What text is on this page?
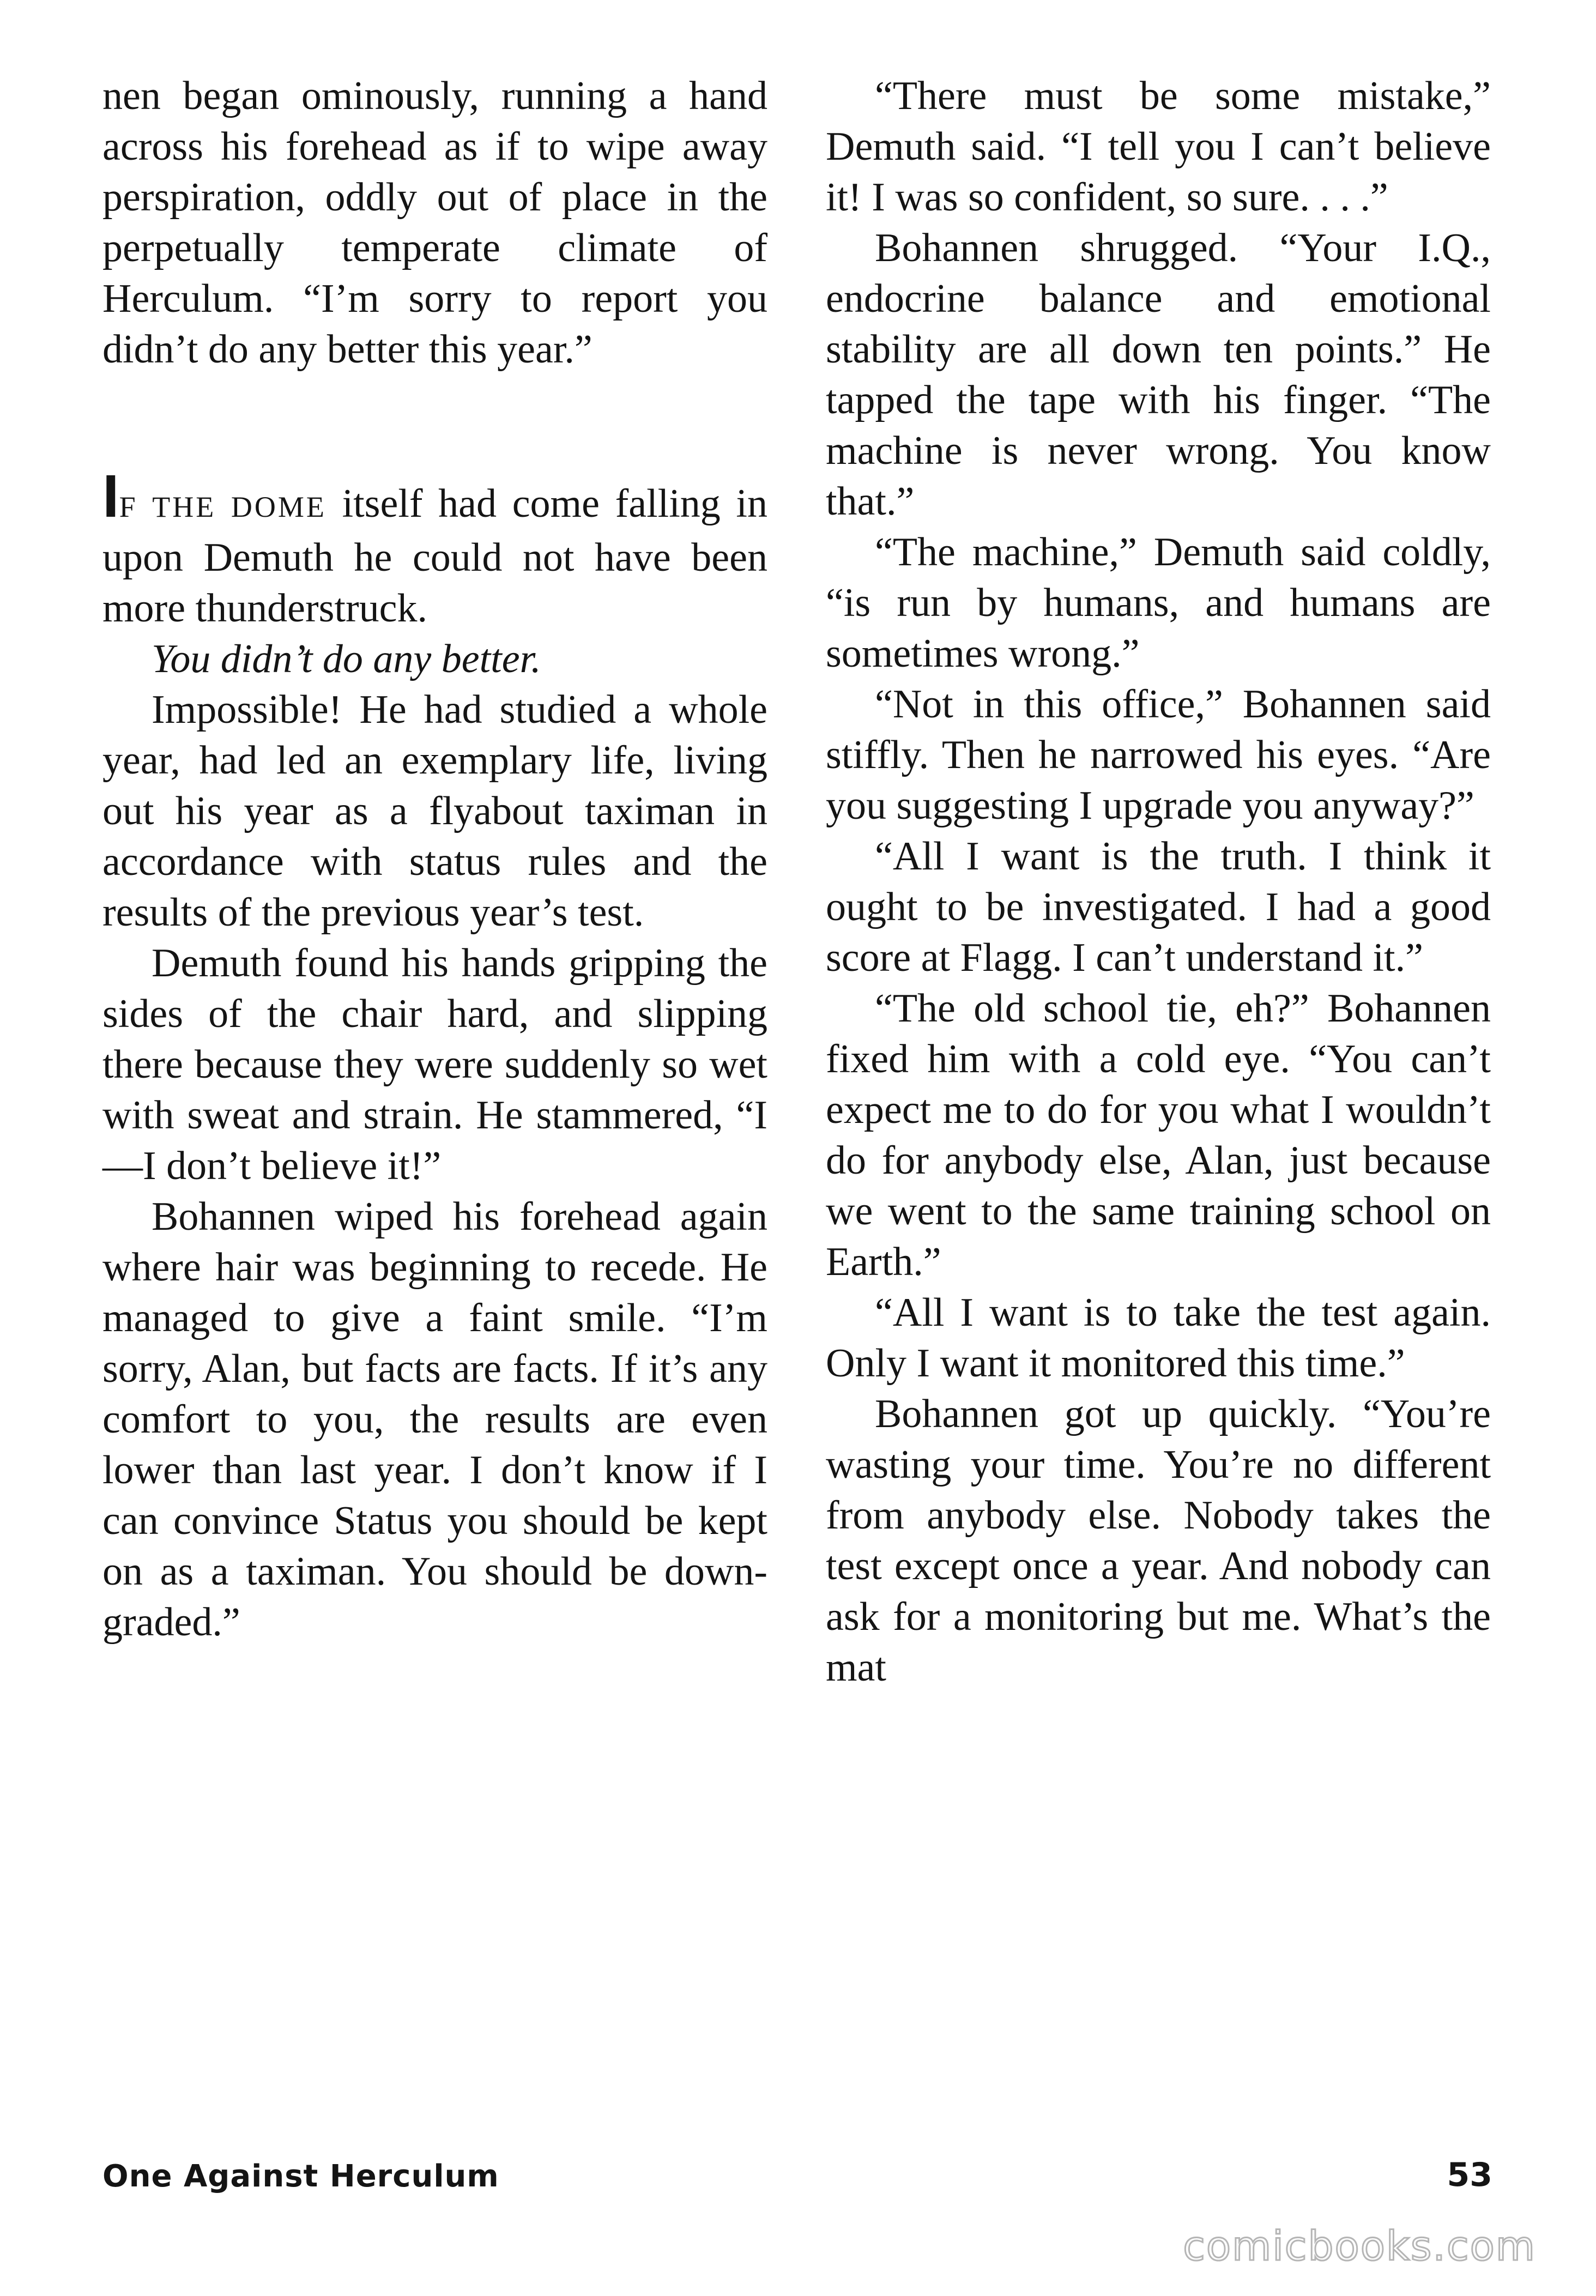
nen began ominously, running a hand across his forehead as if to wipe away perspiration, oddly out of place in the perpetually temperate climate of Herculum. “I’m sorry to report you didn’t do any better this year.”

IF THE DOME itself had come falling in upon Demuth he could not have been more thunderstruck.

You didn’t do any better.

Impossible! He had studied a whole year, had led an exemplary life, living out his year as a flyabout taximan in accordance with status rules and the results of the previous year’s test.

Demuth found his hands gripping the sides of the chair hard, and slipping there because they were suddenly so wet with sweat and strain. He stammered, “I—I don’t believe it!”

Bohannen wiped his forehead again where hair was beginning to recede. He managed to give a faint smile. “I’m sorry, Alan, but facts are facts. If it’s any comfort to you, the results are even lower than last year. I don’t know if I can convince Status you should be kept on as a taximan. You should be downgraded.”

“There must be some mistake,” Demuth said. “I tell you I can’t believe it! I was so confident, so sure. . . .”

Bohannen shrugged. “Your I.Q., endocrine balance and emotional stability are all down ten points.” He tapped the tape with his finger. “The machine is never wrong. You know that.”

“The machine,” Demuth said coldly, “is run by humans, and humans are sometimes wrong.”

“Not in this office,” Bohannen said stiffly. Then he narrowed his eyes. “Are you suggesting I upgrade you anyway?”

“All I want is the truth. I think it ought to be investigated. I had a good score at Flagg. I can’t understand it.”

“The old school tie, eh?” Bohannen fixed him with a cold eye. “You can’t expect me to do for you what I wouldn’t do for anybody else, Alan, just because we went to the same training school on Earth.”

“All I want is to take the test again. Only I want it monitored this time.”

Bohannen got up quickly. “You’re wasting your time. You’re no different from anybody else. Nobody takes the test except once a year. And nobody can ask for a monitoring but me. What’s the mat

One Against Herculum	53
comicbooks.com
